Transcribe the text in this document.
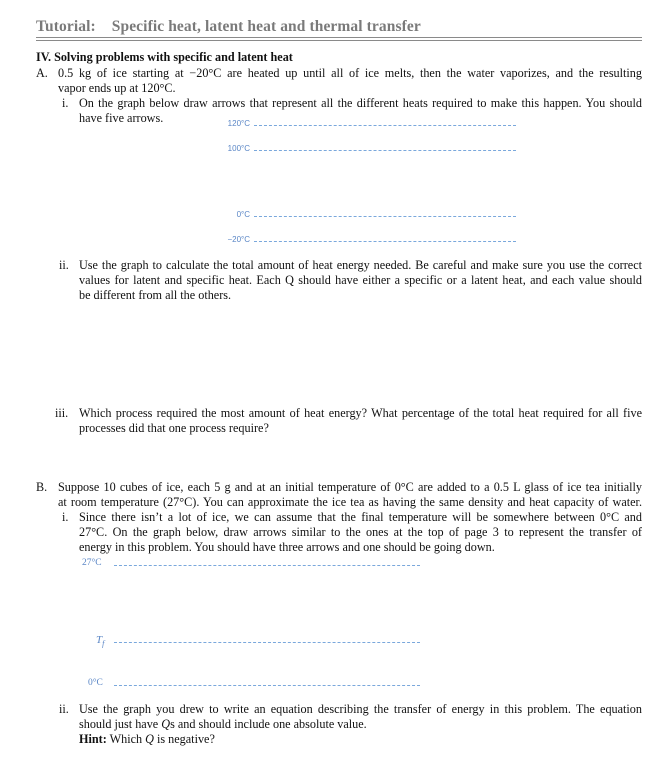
Tutorial: Specific heat, latent heat and thermal transfer
IV. Solving problems with specific and latent heat
A. 0.5 kg of ice starting at −20°C are heated up until all of ice melts, then the water vaporizes, and the resulting
vapor ends up at 120°C.
i. On the graph below draw arrows that represent all the different heats required to make this happen. You should
have five arrows.	120°C
100°C
0°C
−20°C
ii. Use the graph to calculate the total amount of heat energy needed. Be careful and make sure you use the correct
values for latent and specific heat. Each Q should have either a specific or a latent heat, and each value should
be different from all the others.
iii. Which process required the most amount of heat energy? What percentage of the total heat required for all five
processes did that one process require?
B. Suppose 10 cubes of ice, each 5 g and at an initial temperature of 0°C are added to a 0.5 L glass of ice tea initially
at room temperature (27°C). You can approximate the ice tea as having the same density and heat capacity of water.
i. Since there isn’t a lot of ice, we can assume that the final temperature will be somewhere between 0°C and
27°C. On the graph below, draw arrows similar to the ones at the top of page 3 to represent the transfer of
energy in this problem. You should have three arrows and one should be going down.
27°C
$T_f$
0°C
ii. Use the graph you drew to write an equation describing the transfer of energy in this problem. The equation
should just have Qs and should include one absolute value.
Hint: Which Q is negative?
